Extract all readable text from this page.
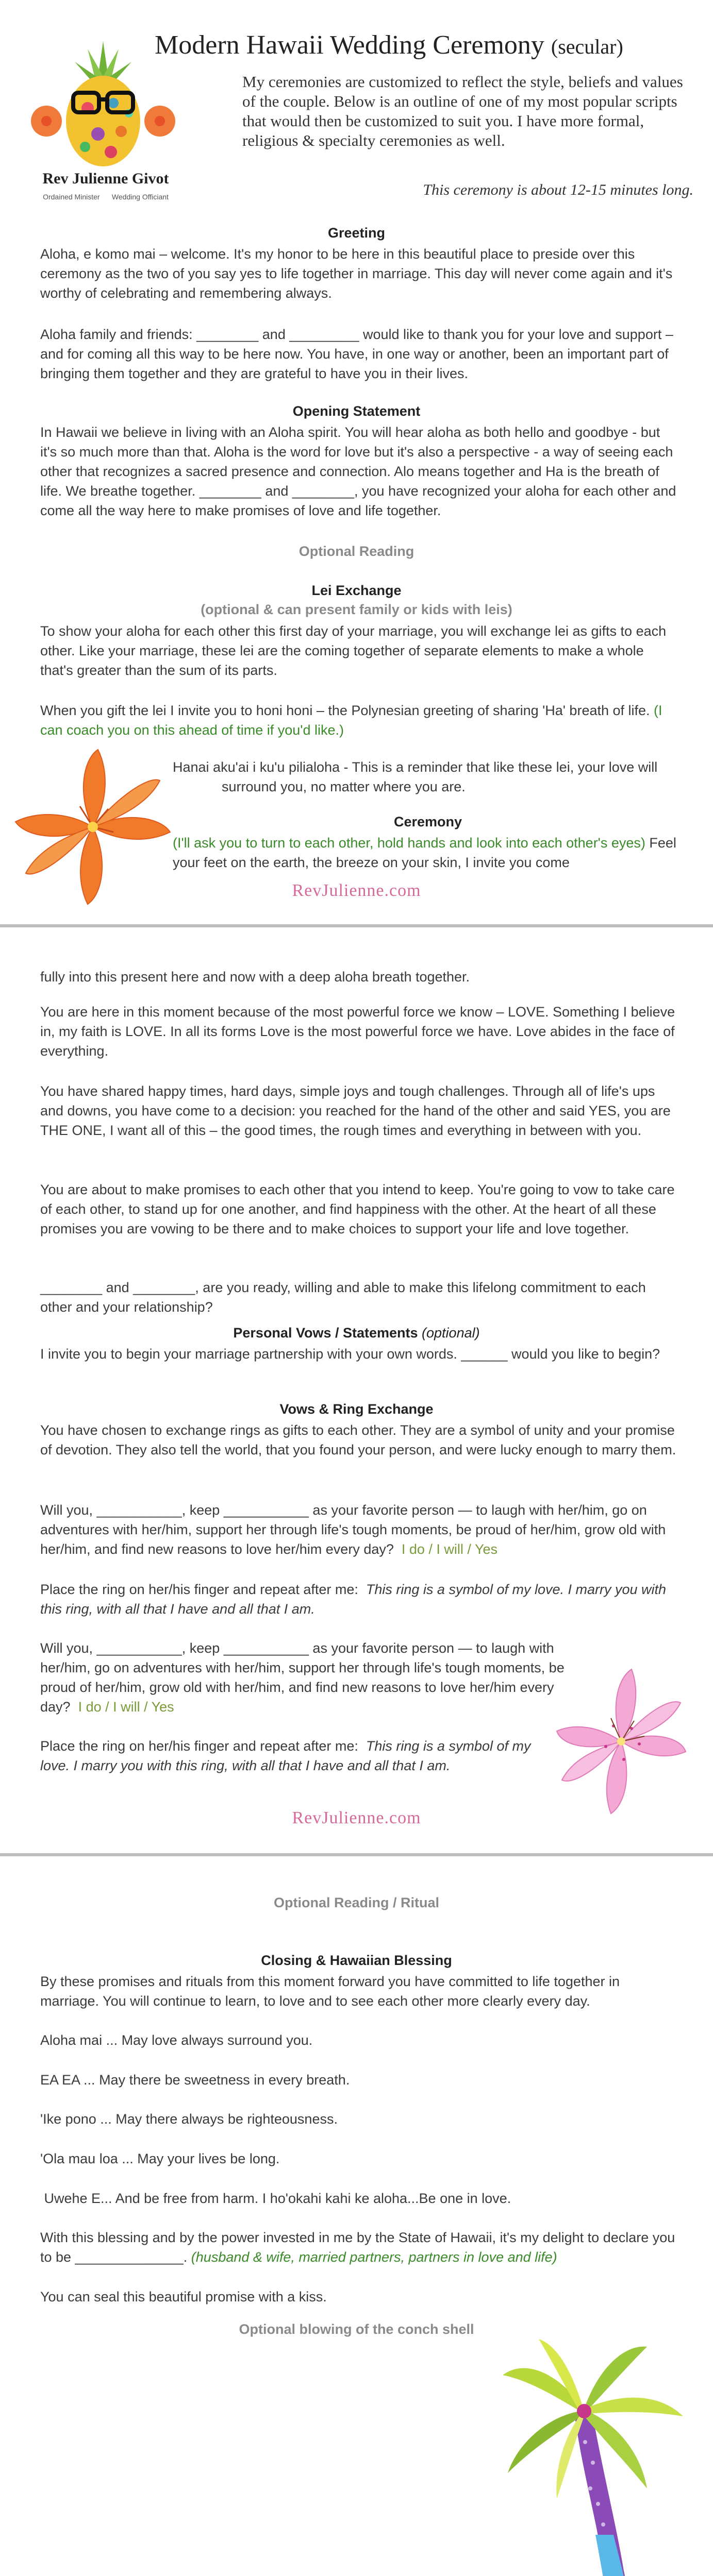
Rev Julienne Givot
Ordained Minister Wedding Officiant
Modern Hawaii Wedding Ceremony (secular)

My ceremonies are customized to reflect the style, beliefs and values of the couple. Below is an outline of one of my most popular scripts that would then be customized to suit you. I have more formal, religious & specialty ceremonies as well.

This ceremony is about 12-15 minutes long.

Greeting

Aloha, e komo mai – welcome. It's my honor to be here in this beautiful place to preside over this ceremony as the two of you say yes to life together in marriage. This day will never come again and it's worthy of celebrating and remembering always.

Aloha family and friends: ________ and _________ would like to thank you for your love and support – and for coming all this way to be here now. You have, in one way or another, been an important part of bringing them together and they are grateful to have you in their lives.

Opening Statement

In Hawaii we believe in living with an Aloha spirit. You will hear aloha as both hello and goodbye - but it's so much more than that. Aloha is the word for love but it's also a perspective - a way of seeing each other that recognizes a sacred presence and connection. Alo means together and Ha is the breath of life. We breathe together. ________ and ________, you have recognized your aloha for each other and come all the way here to make promises of love and life together.

Optional Reading

Lei Exchange

(optional & can present family or kids with leis)

To show your aloha for each other this first day of your marriage, you will exchange lei as gifts to each other. Like your marriage, these lei are the coming together of separate elements to make a whole that's greater than the sum of its parts.

When you gift the lei I invite you to honi honi – the Polynesian greeting of sharing 'Ha' breath of life. (I can coach you on this ahead of time if you'd like.)

Hanai aku'ai i ku'u pilialoha - This is a reminder that like these lei, your love will surround you, no matter where you are.

Ceremony

(I'll ask you to turn to each other, hold hands and look into each other's eyes) Feel your feet on the earth, the breeze on your skin, I invite you come

RevJulienne.com

fully into this present here and now with a deep aloha breath together.

You are here in this moment because of the most powerful force we know – LOVE. Something I believe in, my faith is LOVE. In all its forms Love is the most powerful force we have. Love abides in the face of everything.

You have shared happy times, hard days, simple joys and tough challenges. Through all of life's ups and downs, you have come to a decision: you reached for the hand of the other and said YES, you are THE ONE, I want all of this – the good times, the rough times and everything in between with you.

You are about to make promises to each other that you intend to keep. You're going to vow to take care of each other, to stand up for one another, and find happiness with the other. At the heart of all these promises you are vowing to be there and to make choices to support your life and love together.

________ and ________, are you ready, willing and able to make this lifelong commitment to each other and your relationship?

Personal Vows / Statements (optional)

I invite you to begin your marriage partnership with your own words. ______ would you like to begin?

Vows & Ring Exchange

You have chosen to exchange rings as gifts to each other. They are a symbol of unity and your promise of devotion. They also tell the world, that you found your person, and were lucky enough to marry them.

Will you, ___________, keep ___________ as your favorite person — to laugh with her/him, go on adventures with her/him, support her through life's tough moments, be proud of her/him, grow old with her/him, and find new reasons to love her/him every day? I do / I will / Yes

Place the ring on her/his finger and repeat after me: This ring is a symbol of my love. I marry you with this ring, with all that I have and all that I am.

Will you, ___________, keep ___________ as your favorite person — to laugh with her/him, go on adventures with her/him, support her through life's tough moments, be proud of her/him, grow old with her/him, and find new reasons to love her/him every day? I do / I will / Yes

Place the ring on her/his finger and repeat after me: This ring is a symbol of my love. I marry you with this ring, with all that I have and all that I am.

RevJulienne.com

Optional Reading / Ritual

Closing & Hawaiian Blessing

By these promises and rituals from this moment forward you have committed to life together in marriage. You will continue to learn, to love and to see each other more clearly every day.

Aloha mai ... May love always surround you.

EA EA ... May there be sweetness in every breath.

'Ike pono ... May there always be righteousness.

'Ola mau loa ... May your lives be long.

Uwehe E... And be free from harm. I ho'okahi kahi ke aloha...Be one in love.

With this blessing and by the power invested in me by the State of Hawaii, it's my delight to declare you to be ______________. (husband & wife, married partners, partners in love and life)

You can seal this beautiful promise with a kiss.

Optional blowing of the conch shell
